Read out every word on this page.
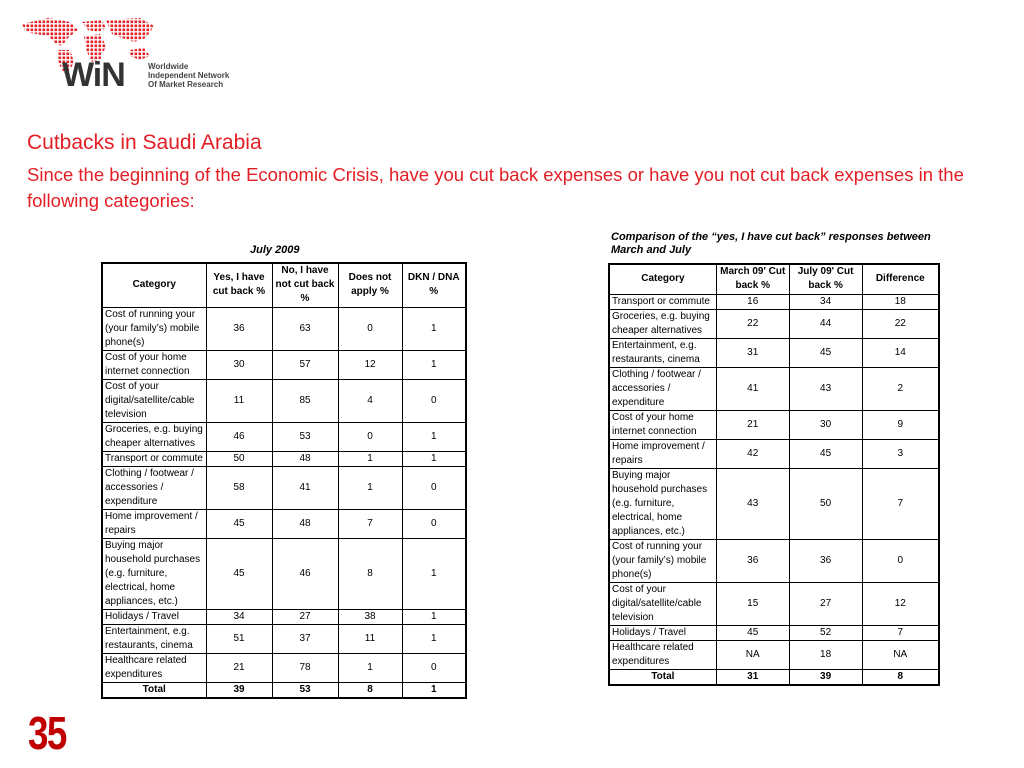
WiN	Worldwide
Independent Network
Of Market Research
Cutbacks in Saudi Arabia
Since the beginning of the Economic Crisis, have you cut back expenses or have you not cut back expenses in the following categories:
July 2009
Category	Yes, I have cut back %	No, I have not cut back %	Does not apply %	DKN / DNA %
Cost of running your (your family’s) mobile phone(s)	36	63	0	1
Cost of your home internet connection	30	57	12	1
Cost of your digital/satellite/cable television	11	85	4	0
Groceries, e.g. buying cheaper alternatives	46	53	0	1
Transport or commute	50	48	1	1
Clothing / footwear / accessories / expenditure	58	41	1	0
Home improvement / repairs	45	48	7	0
Buying major household purchases (e.g. furniture, electrical, home appliances, etc.)	45	46	8	1
Holidays / Travel	34	27	38	1
Entertainment, e.g. restaurants, cinema	51	37	11	1
Healthcare related expenditures	21	78	1	0
Total	39	53	8	1
Comparison of the “yes, I have cut back” responses between March and July
Category	March 09' Cut back %	July 09' Cut back %	Difference
Transport or commute	16	34	18
Groceries, e.g. buying cheaper alternatives	22	44	22
Entertainment, e.g. restaurants, cinema	31	45	14
Clothing / footwear / accessories / expenditure	41	43	2
Cost of your home internet connection	21	30	9
Home improvement / repairs	42	45	3
Buying major household purchases (e.g. furniture, electrical, home appliances, etc.)	43	50	7
Cost of running your (your family’s) mobile phone(s)	36	36	0
Cost of your digital/satellite/cable television	15	27	12
Holidays / Travel	45	52	7
Healthcare related expenditures	NA	18	NA
Total	31	39	8
35
